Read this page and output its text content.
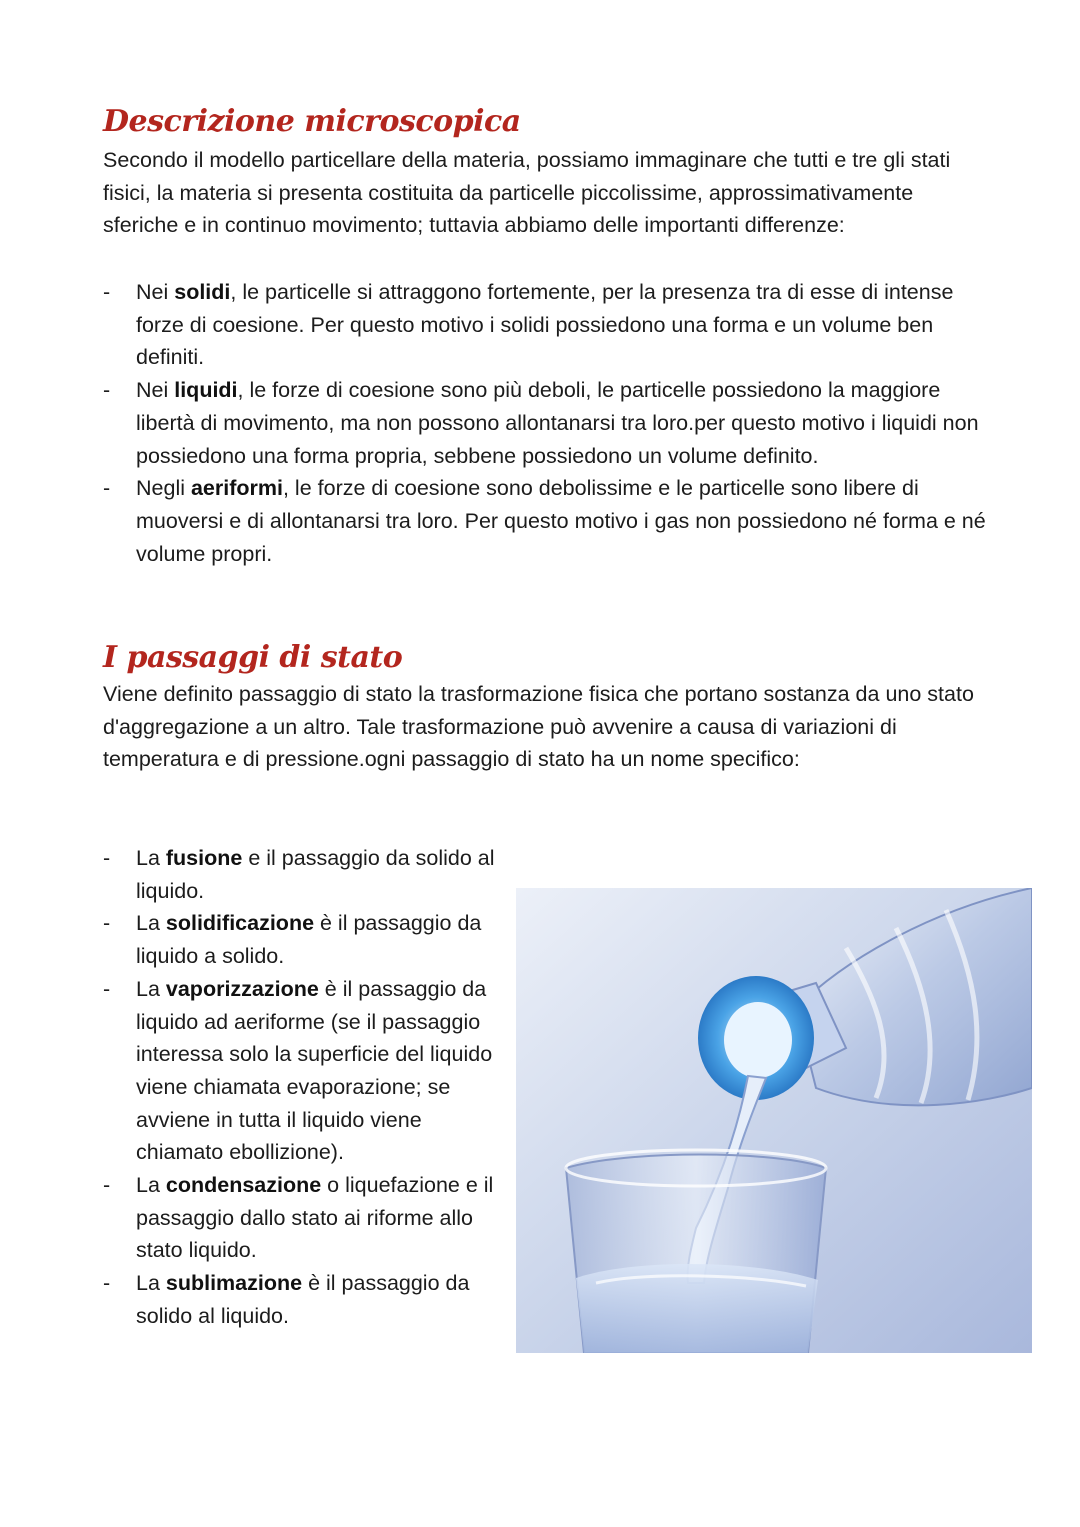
Descrizione microscopica

Secondo il modello particellare della materia, possiamo immaginare che tutti e tre gli stati fisici, la materia si presenta costituita da particelle piccolissime, approssimativamente sferiche e in continuo movimento; tuttavia abbiamo delle importanti differenze:

- Nei solidi, le particelle si attraggono fortemente, per la presenza tra di esse di intense forze di coesione. Per questo motivo i solidi possiedono una forma e un volume ben definiti.
- Nei liquidi, le forze di coesione sono più deboli, le particelle possiedono la maggiore libertà di movimento, ma non possono allontanarsi tra loro.per questo motivo i liquidi non possiedono una forma propria, sebbene possiedono un volume definito.
- Negli aeriformi, le forze di coesione sono debolissime e le particelle sono libere di muoversi e di allontanarsi tra loro. Per questo motivo i gas non possiedono né forma e né volume propri.
I passaggi di stato

Viene definito passaggio di stato la trasformazione fisica che portano sostanza da uno stato d'aggregazione a un altro. Tale trasformazione può avvenire a causa di variazioni di temperatura e di pressione.ogni passaggio di stato ha un nome specifico:

- La fusione e il passaggio da solido al liquido.
- La solidificazione è il passaggio da liquido a solido.
- La vaporizzazione è il passaggio da liquido ad aeriforme (se il passaggio interessa solo la superficie del liquido viene chiamata evaporazione; se avviene in tutta il liquido viene chiamato ebollizione).
- La condensazione o liquefazione e il passaggio dallo stato ai riforme allo stato liquido.
- La sublimazione è il passaggio da solido al liquido.
